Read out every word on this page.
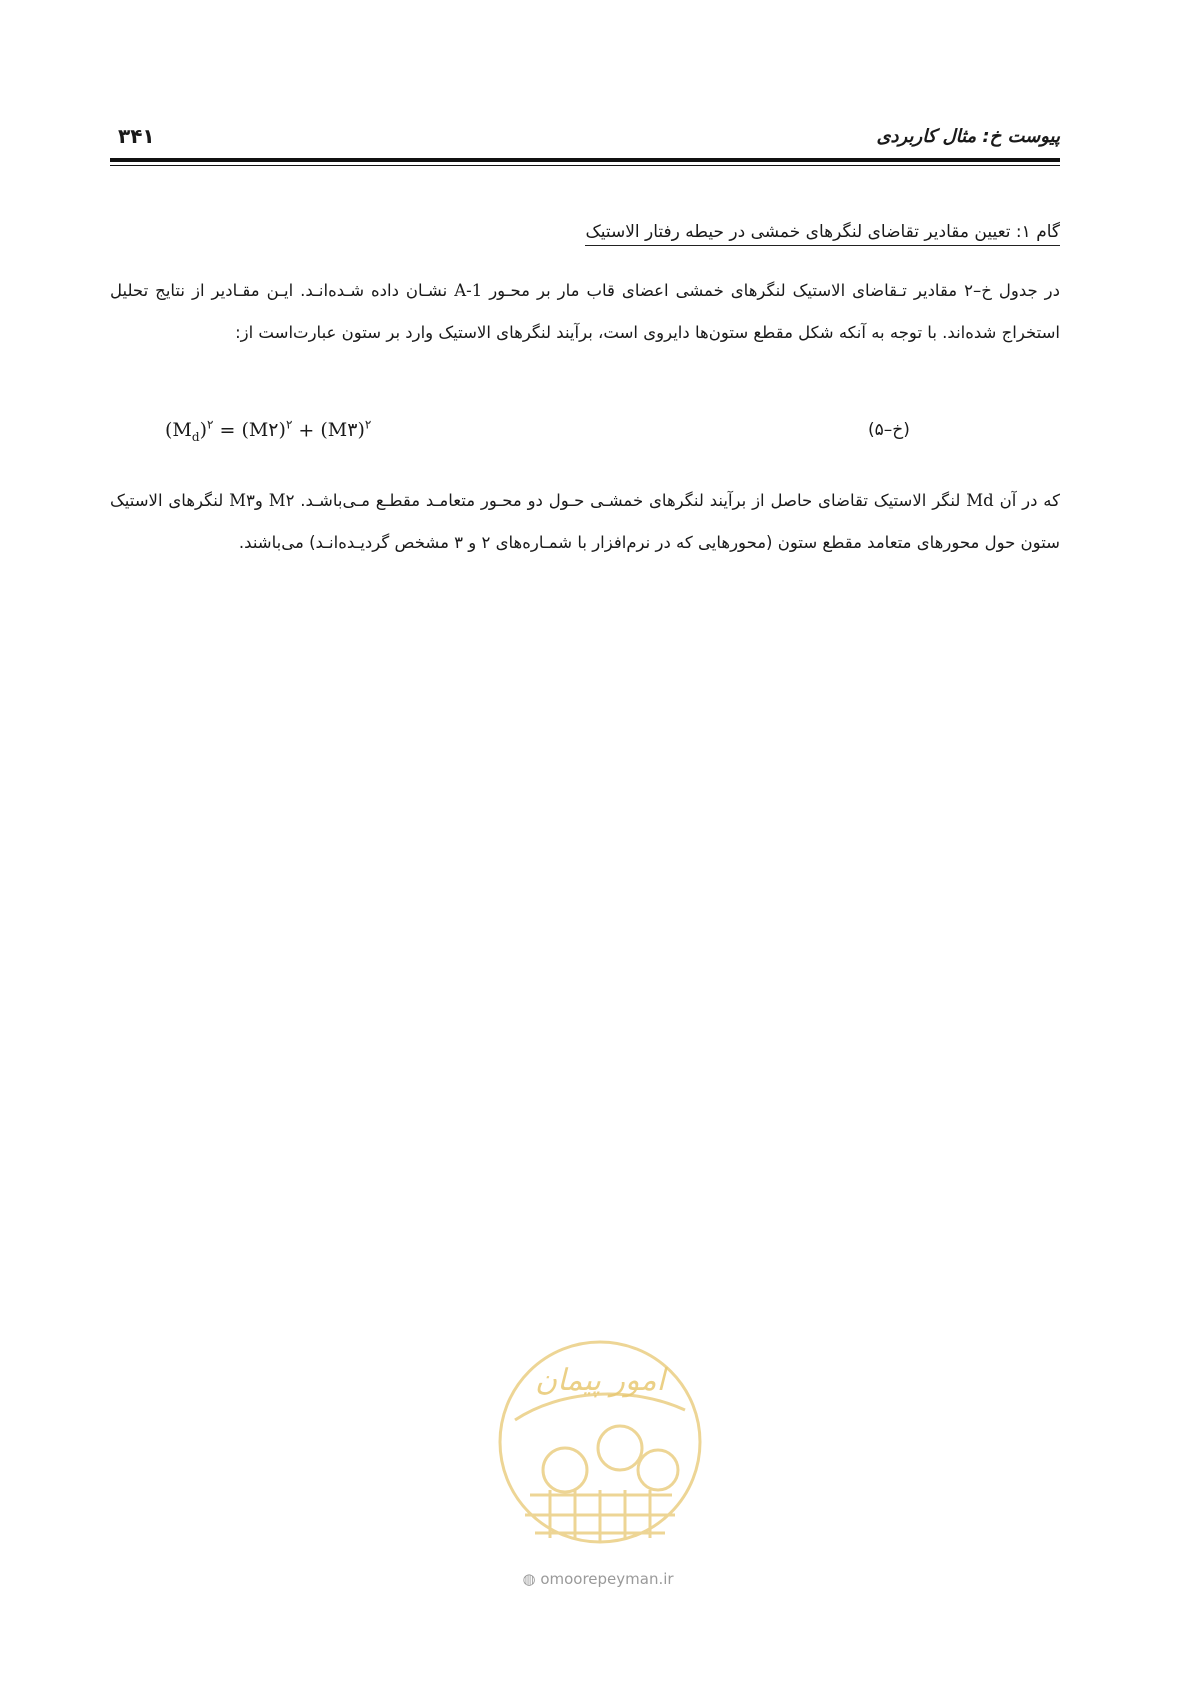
۳۴۱	پیوست خ: مثال کاربردی
گام ۱: تعیین مقادیر تقاضای لنگرهای خمشی در حیطه رفتار الاستیک
در جدول خ–۲ مقادیر تـقاضای الاستیک لنگرهای خمشی اعضای قاب مار بر محـور A-1 نشـان داده شـده‌انـد. ایـن مقـادیر از نتایج تحلیل استخراج شده‌اند. با توجه به آنکه شکل مقطع ستون‌ها دایروی است، برآیند لنگرهای الاستیک وارد بر ستون عبارت‌است از:
$(M_d)^۲$ = (M۲)$^۲$ + (M۳)$^۲$	(خ–۵)
که در آن Md لنگر الاستیک تقاضای حاصل از برآیند لنگرهای خمشـی حـول دو محـور متعامـد مقطـع مـی‌باشـد. M۲ وM۳ لنگرهای الاستیک ستون حول محورهای متعامد مقطع ستون (محورهایی که در نرم‌افزار با شمـاره‌های ۲ و ۳ مشخص گردیـده‌انـد) می‌باشند.
امور پیمان
◍ omoorepeyman.ir
